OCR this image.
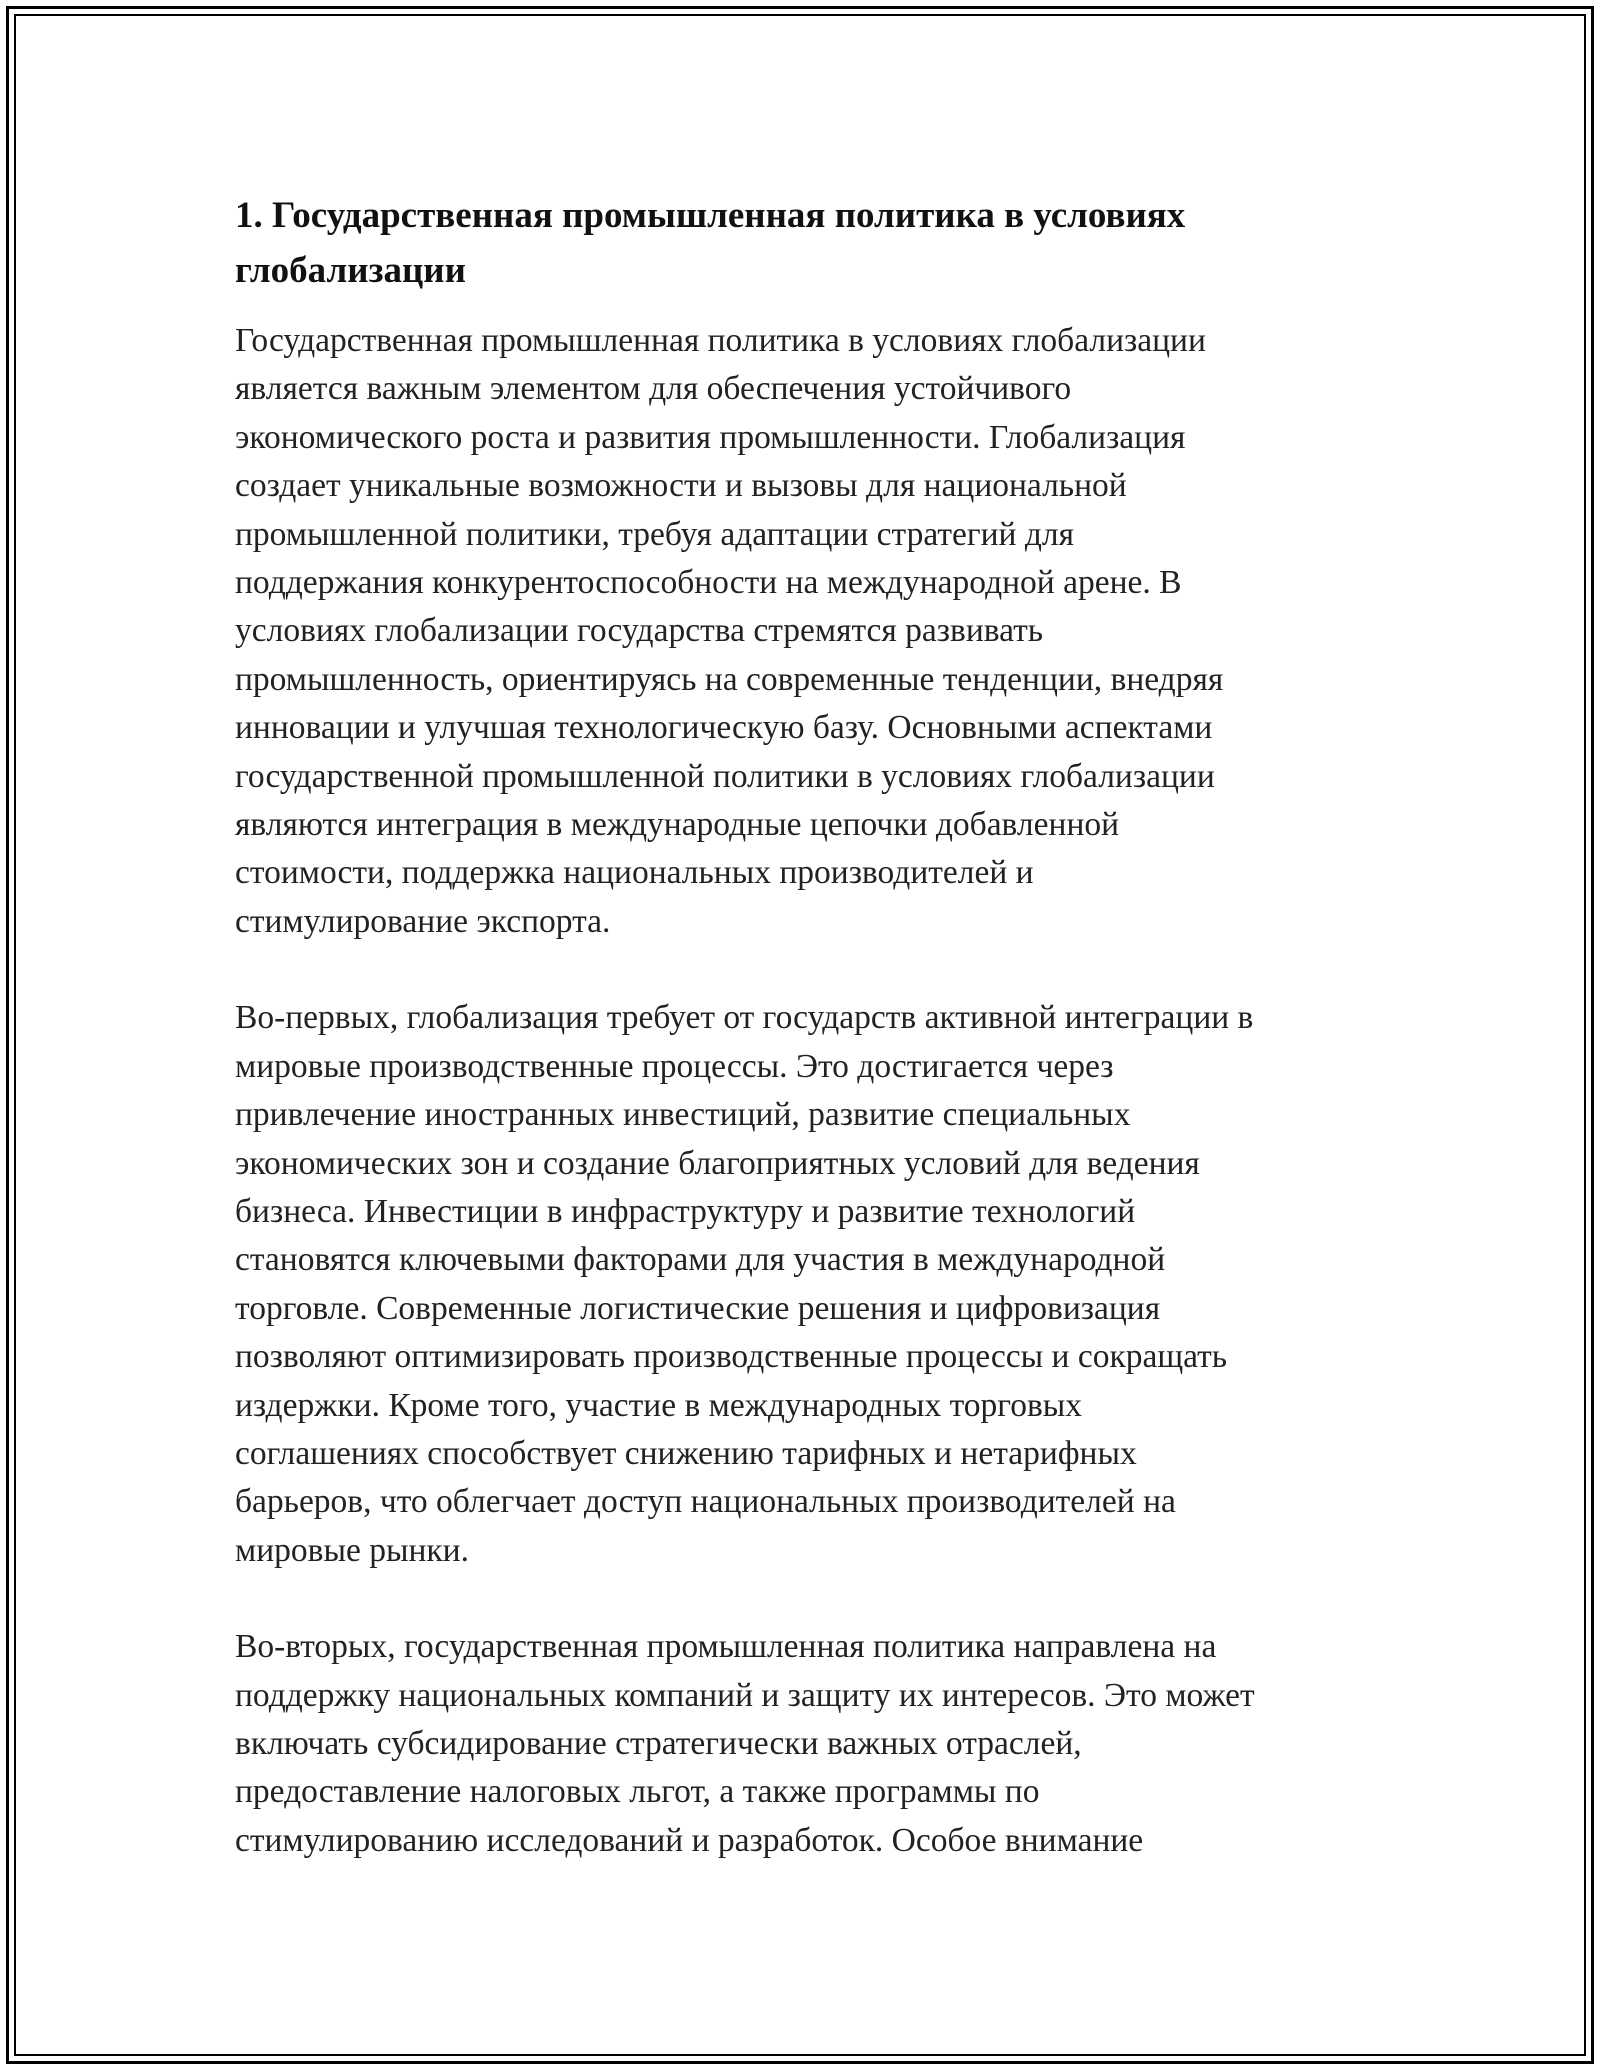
1. Государственная промышленная политика в условиях
глобализации

Государственная промышленная политика в условиях глобализации
является важным элементом для обеспечения устойчивого
экономического роста и развития промышленности. Глобализация
создает уникальные возможности и вызовы для национальной
промышленной политики, требуя адаптации стратегий для
поддержания конкурентоспособности на международной арене. В
условиях глобализации государства стремятся развивать
промышленность, ориентируясь на современные тенденции, внедряя
инновации и улучшая технологическую базу. Основными аспектами
государственной промышленной политики в условиях глобализации
являются интеграция в международные цепочки добавленной
стоимости, поддержка национальных производителей и
стимулирование экспорта.

Во-первых, глобализация требует от государств активной интеграции в
мировые производственные процессы. Это достигается через
привлечение иностранных инвестиций, развитие специальных
экономических зон и создание благоприятных условий для ведения
бизнеса. Инвестиции в инфраструктуру и развитие технологий
становятся ключевыми факторами для участия в международной
торговле. Современные логистические решения и цифровизация
позволяют оптимизировать производственные процессы и сокращать
издержки. Кроме того, участие в международных торговых
соглашениях способствует снижению тарифных и нетарифных
барьеров, что облегчает доступ национальных производителей на
мировые рынки.

Во-вторых, государственная промышленная политика направлена на
поддержку национальных компаний и защиту их интересов. Это может
включать субсидирование стратегически важных отраслей,
предоставление налоговых льгот, а также программы по
стимулированию исследований и разработок. Особое внимание
